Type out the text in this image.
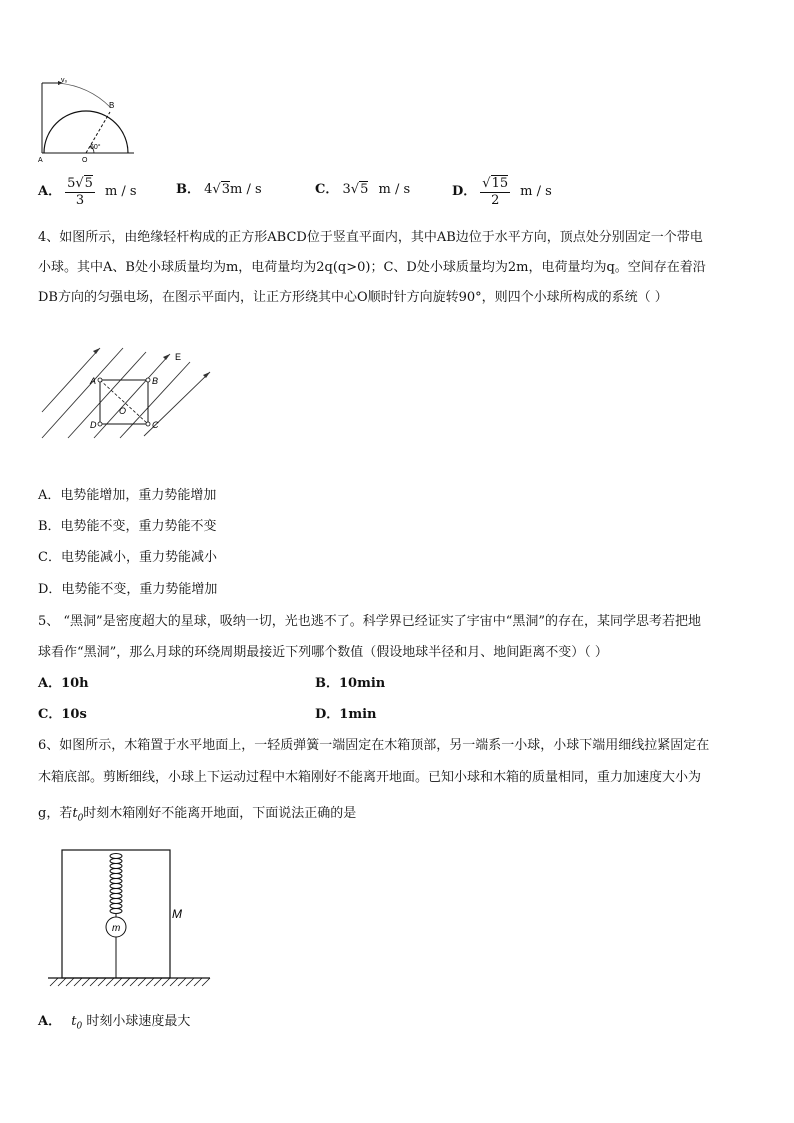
v₀
B
A	O
60°
A． $\frac{5√5}{3}$ m / s	B． 4√3m / s	C． 3√5 m / s	D． $\frac{√15}{2}$ m / s
4、如图所示，由绝缘轻杆构成的正方形ABCD位于竖直平面内，其中AB边位于水平方向，顶点处分别固定一个带电
小球。其中A、B处小球质量均为m，电荷量均为2q(q>0)；C、D处小球质量均为2m，电荷量均为q。空间存在着沿
DB方向的匀强电场，在图示平面内，让正方形绕其中心O顺时针方向旋转90°，则四个小球所构成的系统（ ）
A	B
C
D
O
E
A．电势能增加，重力势能增加
B．电势能不变，重力势能不变
C．电势能减小，重力势能减小
D．电势能不变，重力势能增加
5、 “黑洞”是密度超大的星球，吸纳一切，光也逃不了。科学界已经证实了宇宙中“黑洞”的存在，某同学思考若把地
球看作“黑洞”，那么月球的环绕周期最接近下列哪个数值（假设地球半径和月、地间距离不变）（ ）
A．10h	B．10min
C．10s	D．1min
6、如图所示，木箱置于水平地面上，一轻质弹簧一端固定在木箱顶部，另一端系一小球，小球下端用细线拉紧固定在
木箱底部。剪断细线，小球上下运动过程中木箱刚好不能离开地面。已知小球和木箱的质量相同，重力加速度大小为
g，若$t_0$时刻木箱刚好不能离开地面，下面说法正确的是
m
M
A． $t_0$ 时刻小球速度最大
